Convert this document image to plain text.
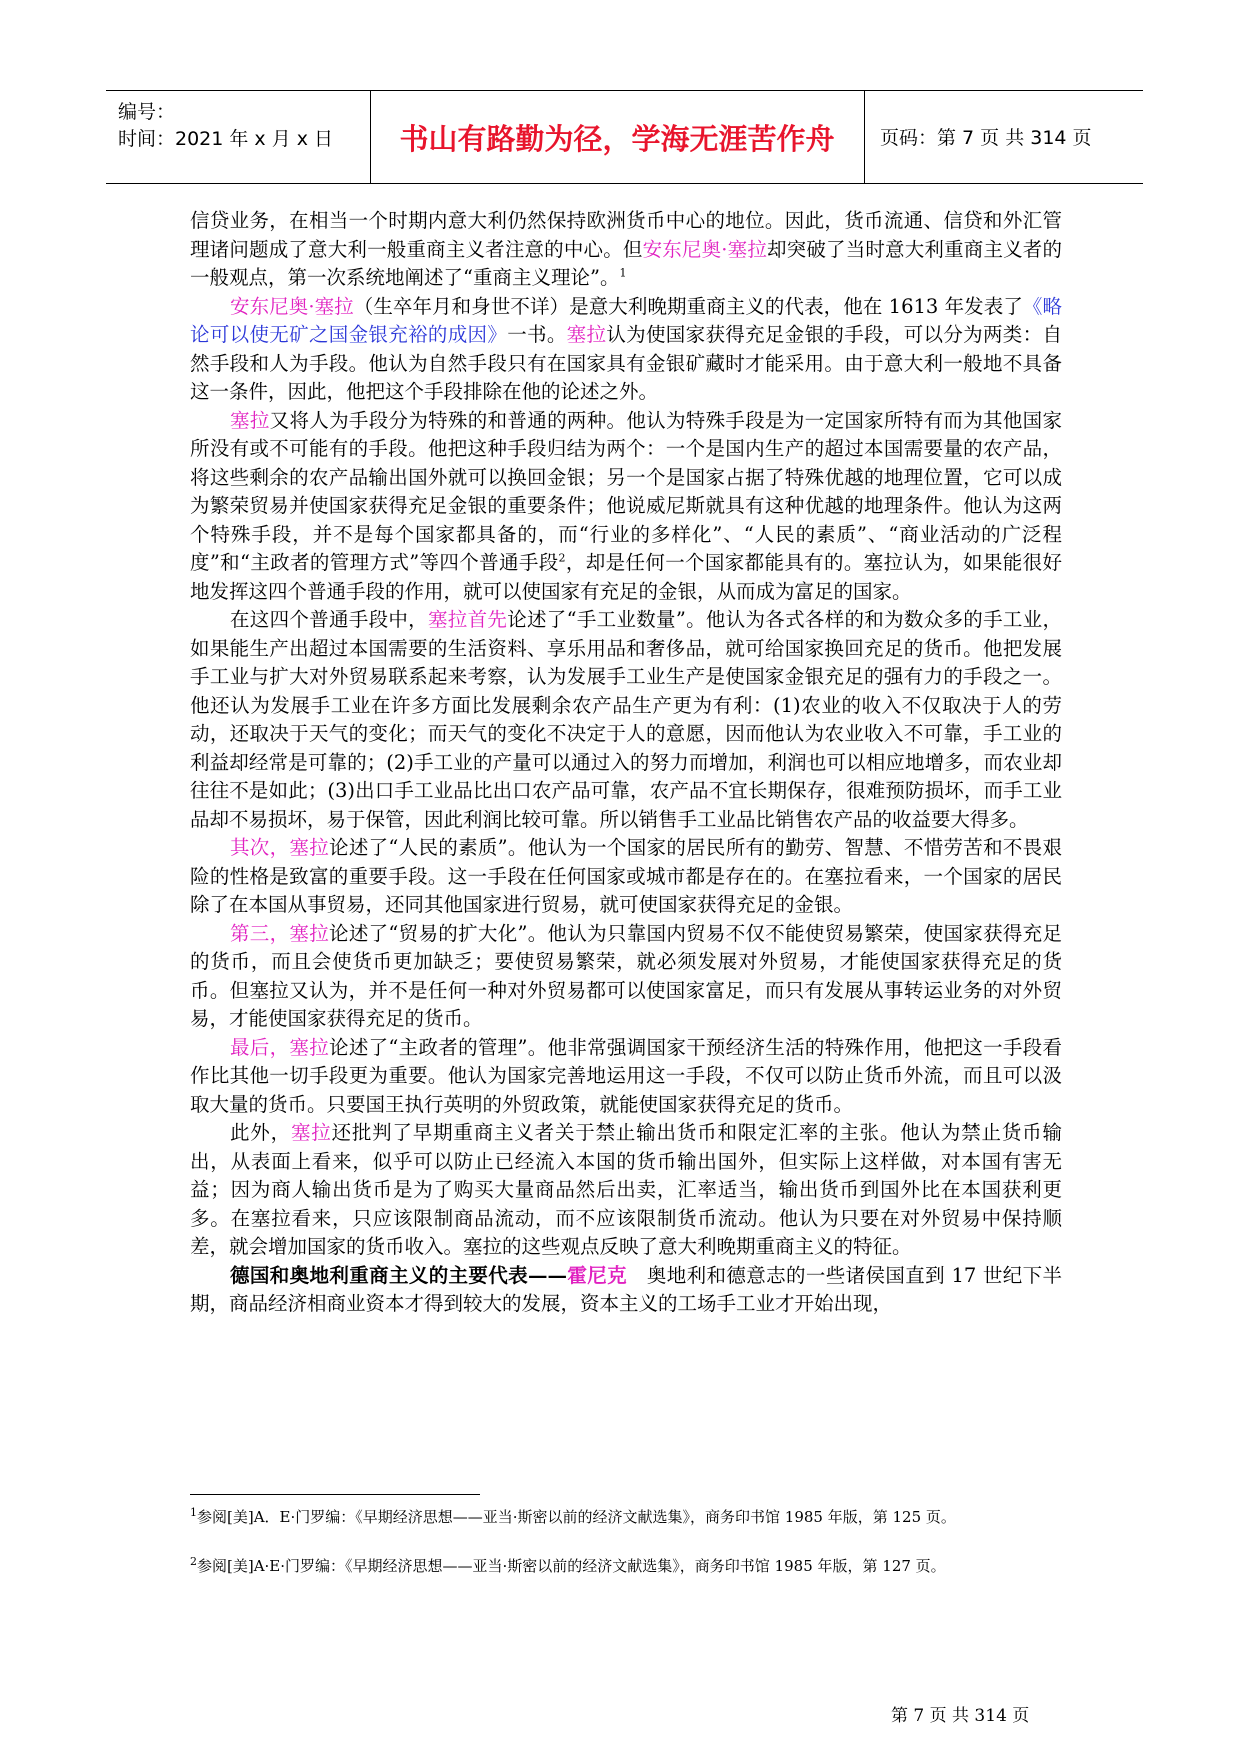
编号：
时间：2021 年 x 月 x 日	书山有路勤为径，学海无涯苦作舟	页码：第 7 页 共 314 页

信贷业务，在相当一个时期内意大利仍然保持欧洲货币中心的地位。因此，货币流通、信贷和外汇管理诸问题成了意大利一般重商主义者注意的中心。但安东尼奥·塞拉却突破了当时意大利重商主义者的一般观点，第一次系统地阐述了“重商主义理论”。$^1$

安东尼奥·塞拉（生卒年月和身世不详）是意大利晚期重商主义的代表，他在 1613 年发表了《略论可以使无矿之国金银充裕的成因》一书。塞拉认为使国家获得充足金银的手段，可以分为两类：自然手段和人为手段。他认为自然手段只有在国家具有金银矿藏时才能采用。由于意大利一般地不具备这一条件，因此，他把这个手段排除在他的论述之外。

塞拉又将人为手段分为特殊的和普通的两种。他认为特殊手段是为一定国家所特有而为其他国家所没有或不可能有的手段。他把这种手段归结为两个：一个是国内生产的超过本国需要量的农产品，将这些剩余的农产品输出国外就可以换回金银；另一个是国家占据了特殊优越的地理位置，它可以成为繁荣贸易并使国家获得充足金银的重要条件；他说威尼斯就具有这种优越的地理条件。他认为这两个特殊手段，并不是每个国家都具备的，而“行业的多样化”、“人民的素质”、“商业活动的广泛程度”和“主政者的管理方式”等四个普通手段$^2$，却是任何一个国家都能具有的。塞拉认为，如果能很好地发挥这四个普通手段的作用，就可以使国家有充足的金银，从而成为富足的国家。

在这四个普通手段中，塞拉首先论述了“手工业数量”。他认为各式各样的和为数众多的手工业，如果能生产出超过本国需要的生活资料、享乐用品和奢侈品，就可给国家换回充足的货币。他把发展手工业与扩大对外贸易联系起来考察，认为发展手工业生产是使国家金银充足的强有力的手段之一。他还认为发展手工业在许多方面比发展剩余农产品生产更为有利：(1)农业的收入不仅取决于人的劳动，还取决于天气的变化；而天气的变化不决定于人的意愿，因而他认为农业收入不可靠，手工业的利益却经常是可靠的；(2)手工业的产量可以通过入的努力而增加，利润也可以相应地增多，而农业却往往不是如此；(3)出口手工业品比出口农产品可靠，农产品不宜长期保存，很难预防损坏，而手工业品却不易损坏，易于保管，因此利润比较可靠。所以销售手工业品比销售农产品的收益要大得多。

其次，塞拉论述了“人民的素质”。他认为一个国家的居民所有的勤劳、智慧、不惜劳苦和不畏艰险的性格是致富的重要手段。这一手段在任何国家或城市都是存在的。在塞拉看来，一个国家的居民除了在本国从事贸易，还同其他国家进行贸易，就可使国家获得充足的金银。

第三，塞拉论述了“贸易的扩大化”。他认为只靠国内贸易不仅不能使贸易繁荣，使国家获得充足的货币，而且会使货币更加缺乏；要使贸易繁荣，就必须发展对外贸易，才能使国家获得充足的货币。但塞拉又认为，并不是任何一种对外贸易都可以使国家富足，而只有发展从事转运业务的对外贸易，才能使国家获得充足的货币。

最后，塞拉论述了“主政者的管理”。他非常强调国家干预经济生活的特殊作用，他把这一手段看作比其他一切手段更为重要。他认为国家完善地运用这一手段，不仅可以防止货币外流，而且可以汲取大量的货币。只要国王执行英明的外贸政策，就能使国家获得充足的货币。

此外，塞拉还批判了早期重商主义者关于禁止输出货币和限定汇率的主张。他认为禁止货币输出，从表面上看来，似乎可以防止已经流入本国的货币输出国外，但实际上这样做，对本国有害无益；因为商人输出货币是为了购买大量商品然后出卖，汇率适当，输出货币到国外比在本国获利更多。在塞拉看来，只应该限制商品流动，而不应该限制货币流动。他认为只要在对外贸易中保持顺差，就会增加国家的货币收入。塞拉的这些观点反映了意大利晚期重商主义的特征。

德国和奥地利重商主义的主要代表——霍尼克　奥地利和德意志的一些诸侯国直到 17 世纪下半期，商品经济相商业资本才得到较大的发展，资本主义的工场手工业才开始出现，

$^1$参阅[美]A．E·门罗编：《早期经济思想——亚当·斯密以前的经济文献选集》，商务印书馆 1985 年版，第 125 页。
$^2$参阅[美]A·E·门罗编：《早期经济思想——亚当·斯密以前的经济文献选集》，商务印书馆 1985 年版，第 127 页。
第 7 页 共 314 页
